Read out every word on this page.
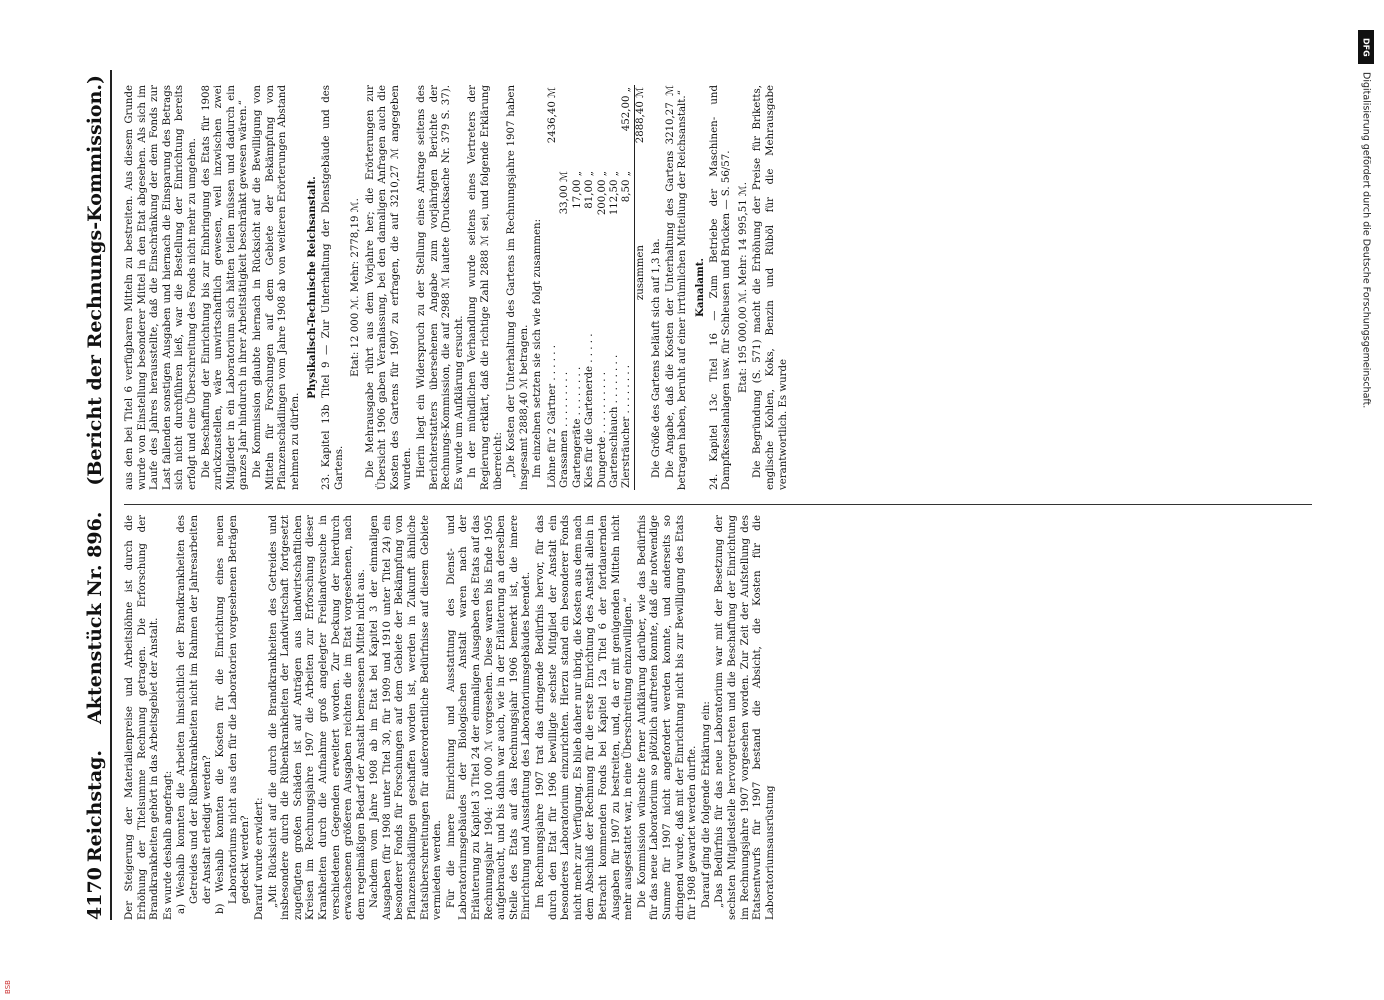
4170
Reichstag.
Aktenstück Nr. 896.
(Bericht der Rechnungs-Kommission.)

Der Steigerung der Materialienpreise und Arbeitslöhne ist durch die Erhöhung der Titelsumme Rechnung getragen. Die Erforschung der Brandkrankheiten gehört in das Arbeitsgebiet der Anstalt. Es wurde deshalb angefragt: a) Weshalb konnten die Arbeiten hinsichtlich der Brandkrankheiten des Getreides und der Rübenkrankheiten nicht im Rahmen der Jahresarbeiten der Anstalt erledigt werden? b) Weshalb konnten die Kosten für die Einrichtung eines neuen Laboratoriums nicht aus den für die Laboratorien vorgesehenen Beträgen gedeckt werden? Darauf wurde erwidert: „Mit Rücksicht auf die durch die Brandkrankheiten des Getreides und insbesondere durch die Rübenkrankheiten der Landwirtschaft fortgesetzt zugefügten großen Schäden ist auf Anträgen aus landwirtschaftlichen Kreisen im Rechnungsjahre 1907 die Arbeiten zur Erforschung dieser Krankheiten durch die Aufnahme groß angelegter Freilandversuche in verschiedenen Gegenden erweitert worden. Zur Deckung der hierdurch erwachsenen größeren Ausgaben reichten die im Etat vorgesehenen, nach dem regelmäßigen Bedarf der Anstalt bemessenen Mittel nicht aus. Nachdem vom Jahre 1908 ab im Etat bei Kapitel 3 der einmaligen Ausgaben (für 1908 unter Titel 30, für 1909 und 1910 unter Titel 24) ein besonderer Fonds für Forschungen auf dem Gebiete der Bekämpfung von Pflanzenschädlingen geschaffen worden ist, werden in Zukunft ähnliche Etatsüberschreitungen für außerordentliche Bedürfnisse auf diesem Gebiete vermieden werden. Für die innere Einrichtung und Ausstattung des Dienst- und Laboratoriumsgebäudes der Biologischen Anstalt waren nach der Erläuterung zu Kapitel 3 Titel 24 der einmaligen Ausgaben des Etats auf das Rechnungsjahr 1904: 100 000 ℳ vorgesehen. Diese waren bis Ende 1905 aufgebraucht, und bis dahin war auch, wie in der Erläuterung an derselben Stelle des Etats auf das Rechnungsjahr 1906 bemerkt ist, die innere Einrichtung und Ausstattung des Laboratoriumsgebäudes beendet. Im Rechnungsjahre 1907 trat das dringende Bedürfnis hervor, für das durch den Etat für 1906 bewilligte sechste Mitglied der Anstalt ein besonderes Laboratorium einzurichten. Hierzu stand ein besonderer Fonds nicht mehr zur Verfügung. Es blieb daher nur übrig, die Kosten aus dem nach dem Abschluß der Rechnung für die erste Einrichtung des Anstalt allein in Betracht kommenden Fonds bei Kapitel 12a Titel 6 der fortdauernden Ausgaben für 1907 zu bestreiten, und, da er mit genügenden Mitteln nicht mehr ausgestattet war, in eine Überschreitung einzuwilligen.“ Die Kommission wünschte ferner Aufklärung darüber, wie das Bedürfnis für das neue Laboratorium so plötzlich auftreten konnte, daß die notwendige Summe für 1907 nicht angefordert werden konnte, und anderseits so dringend wurde, daß mit der Einrichtung nicht bis zur Bewilligung des Etats für 1908 gewartet werden durfte. Darauf ging die folgende Erklärung ein: „Das Bedürfnis für das neue Laboratorium war mit der Besetzung der sechsten Mitgliedstelle hervorgetreten und die Beschaffung der Einrichtung im Rechnungsjahre 1907 vorgesehen worden. Zur Zeit der Aufstellung des Etatsentwurfs für 1907 bestand die Absicht, die Kosten für die Laboratoriumsausrüstung

aus den bei Titel 6 verfügbaren Mitteln zu bestreiten. Aus diesem Grunde wurde von Einstellung besonderer Mittel in den Etat abgesehen. Als sich im Laufe des Jahres herausstellte, daß die Einschränkung der dem Fonds zur Last fallenden sonstigen Ausgaben und hiernach die Einsparung des Betrags sich nicht durchführen ließ, war die Bestellung der Einrichtung bereits erfolgt und eine Überschreitung des Fonds nicht mehr zu umgehen. Die Beschaffung der Einrichtung bis zur Einbringung des Etats für 1908 zurückzustellen, wäre unwirtschaftlich gewesen, weil inzwischen zwei Mitglieder in ein Laboratorium sich hätten teilen müssen und dadurch ein ganzes Jahr hindurch in ihrer Arbeitstätigkeit beschränkt gewesen wären.“ Die Kommission glaubte hiernach in Rücksicht auf die Bewilligung von Mitteln für Forschungen auf dem Gebiete der Bekämpfung von Pflanzenschädlingen vom Jahre 1908 ab von weiteren Erörterungen Abstand nehmen zu dürfen.

Physikalisch-Technische Reichsanstalt. 23. Kapitel 13b Titel 9 — Zur Unterhaltung der Dienstgebäude und des Gartens.

Etat: 12 000 ℳ. Mehr: 2778,19 ℳ. Die Mehrausgabe rührt aus dem Vorjahre her; die Erörterungen zur Übersicht 1906 gaben Veranlassung, bei den damaligen Anfragen auch die Kosten des Gartens für 1907 zu erfragen, die auf 3210,27 ℳ angegeben wurden. Hierin liegt ein Widerspruch zu der Stellung eines Antrage seitens des Berichterstatters übersehenen Angabe zum vorjährigen Berichte der Rechnungs-Kommission, die auf 2988 ℳ lautete (Drucksache Nr. 379 S. 37). Es wurde um Aufklärung ersucht. In der mündlichen Verhandlung wurde seitens eines Vertreters der Regierung erklärt, daß die richtige Zahl 2888 ℳ sei, und folgende Erklärung überreicht: „Die Kosten der Unterhaltung des Gartens im Rechnungsjahre 1907 haben insgesamt 2888,40 ℳ betragen. Im einzelnen setzten sie sich wie folgt zusammen: Löhne für 2 Gärtner . . . . . .		2436,40 ℳ
Grassamen . . . . . . . . .	33,00 ℳ	
Gartengeräte . . . . . . . .	17,00 „	
Kies für die Gartenerde . . . . .	81,00 „	
Dungerde . . . . . . . . . .	200,00 „	
Gartenschlauch . . . . . . . .	112,50 „	
Ziersträucher . . . . . . . .	8,50 „	452,00 „
zusammen		2888,40 ℳ

Die Größe des Gartens beläuft sich auf 1,3 ha. Die Angabe, daß die Kosten der Unterhaltung des Gartens 3210,27 ℳ betragen haben, beruht auf einer irrtümlichen Mitteilung der Reichsanstalt.“ Kanalamt. 24. Kapitel 13c Titel 16 — Zum Betriebe der Maschinen- und Dampfkesselanlagen usw. für Schleusen und Brücken — S. 56/57. Etat: 195 000,00 ℳ. Mehr: 14 995,51 ℳ. Die Begründung (S. 571) macht die Erhöhung der Preise für Briketts, englische Kohlen, Koks, Benzin und Rüböl für die Mehrausgabe verantwortlich. Es wurde

DFG
Digitalisierung gefördert durch die Deutsche Forschungsgemeinschaft.
BSB
